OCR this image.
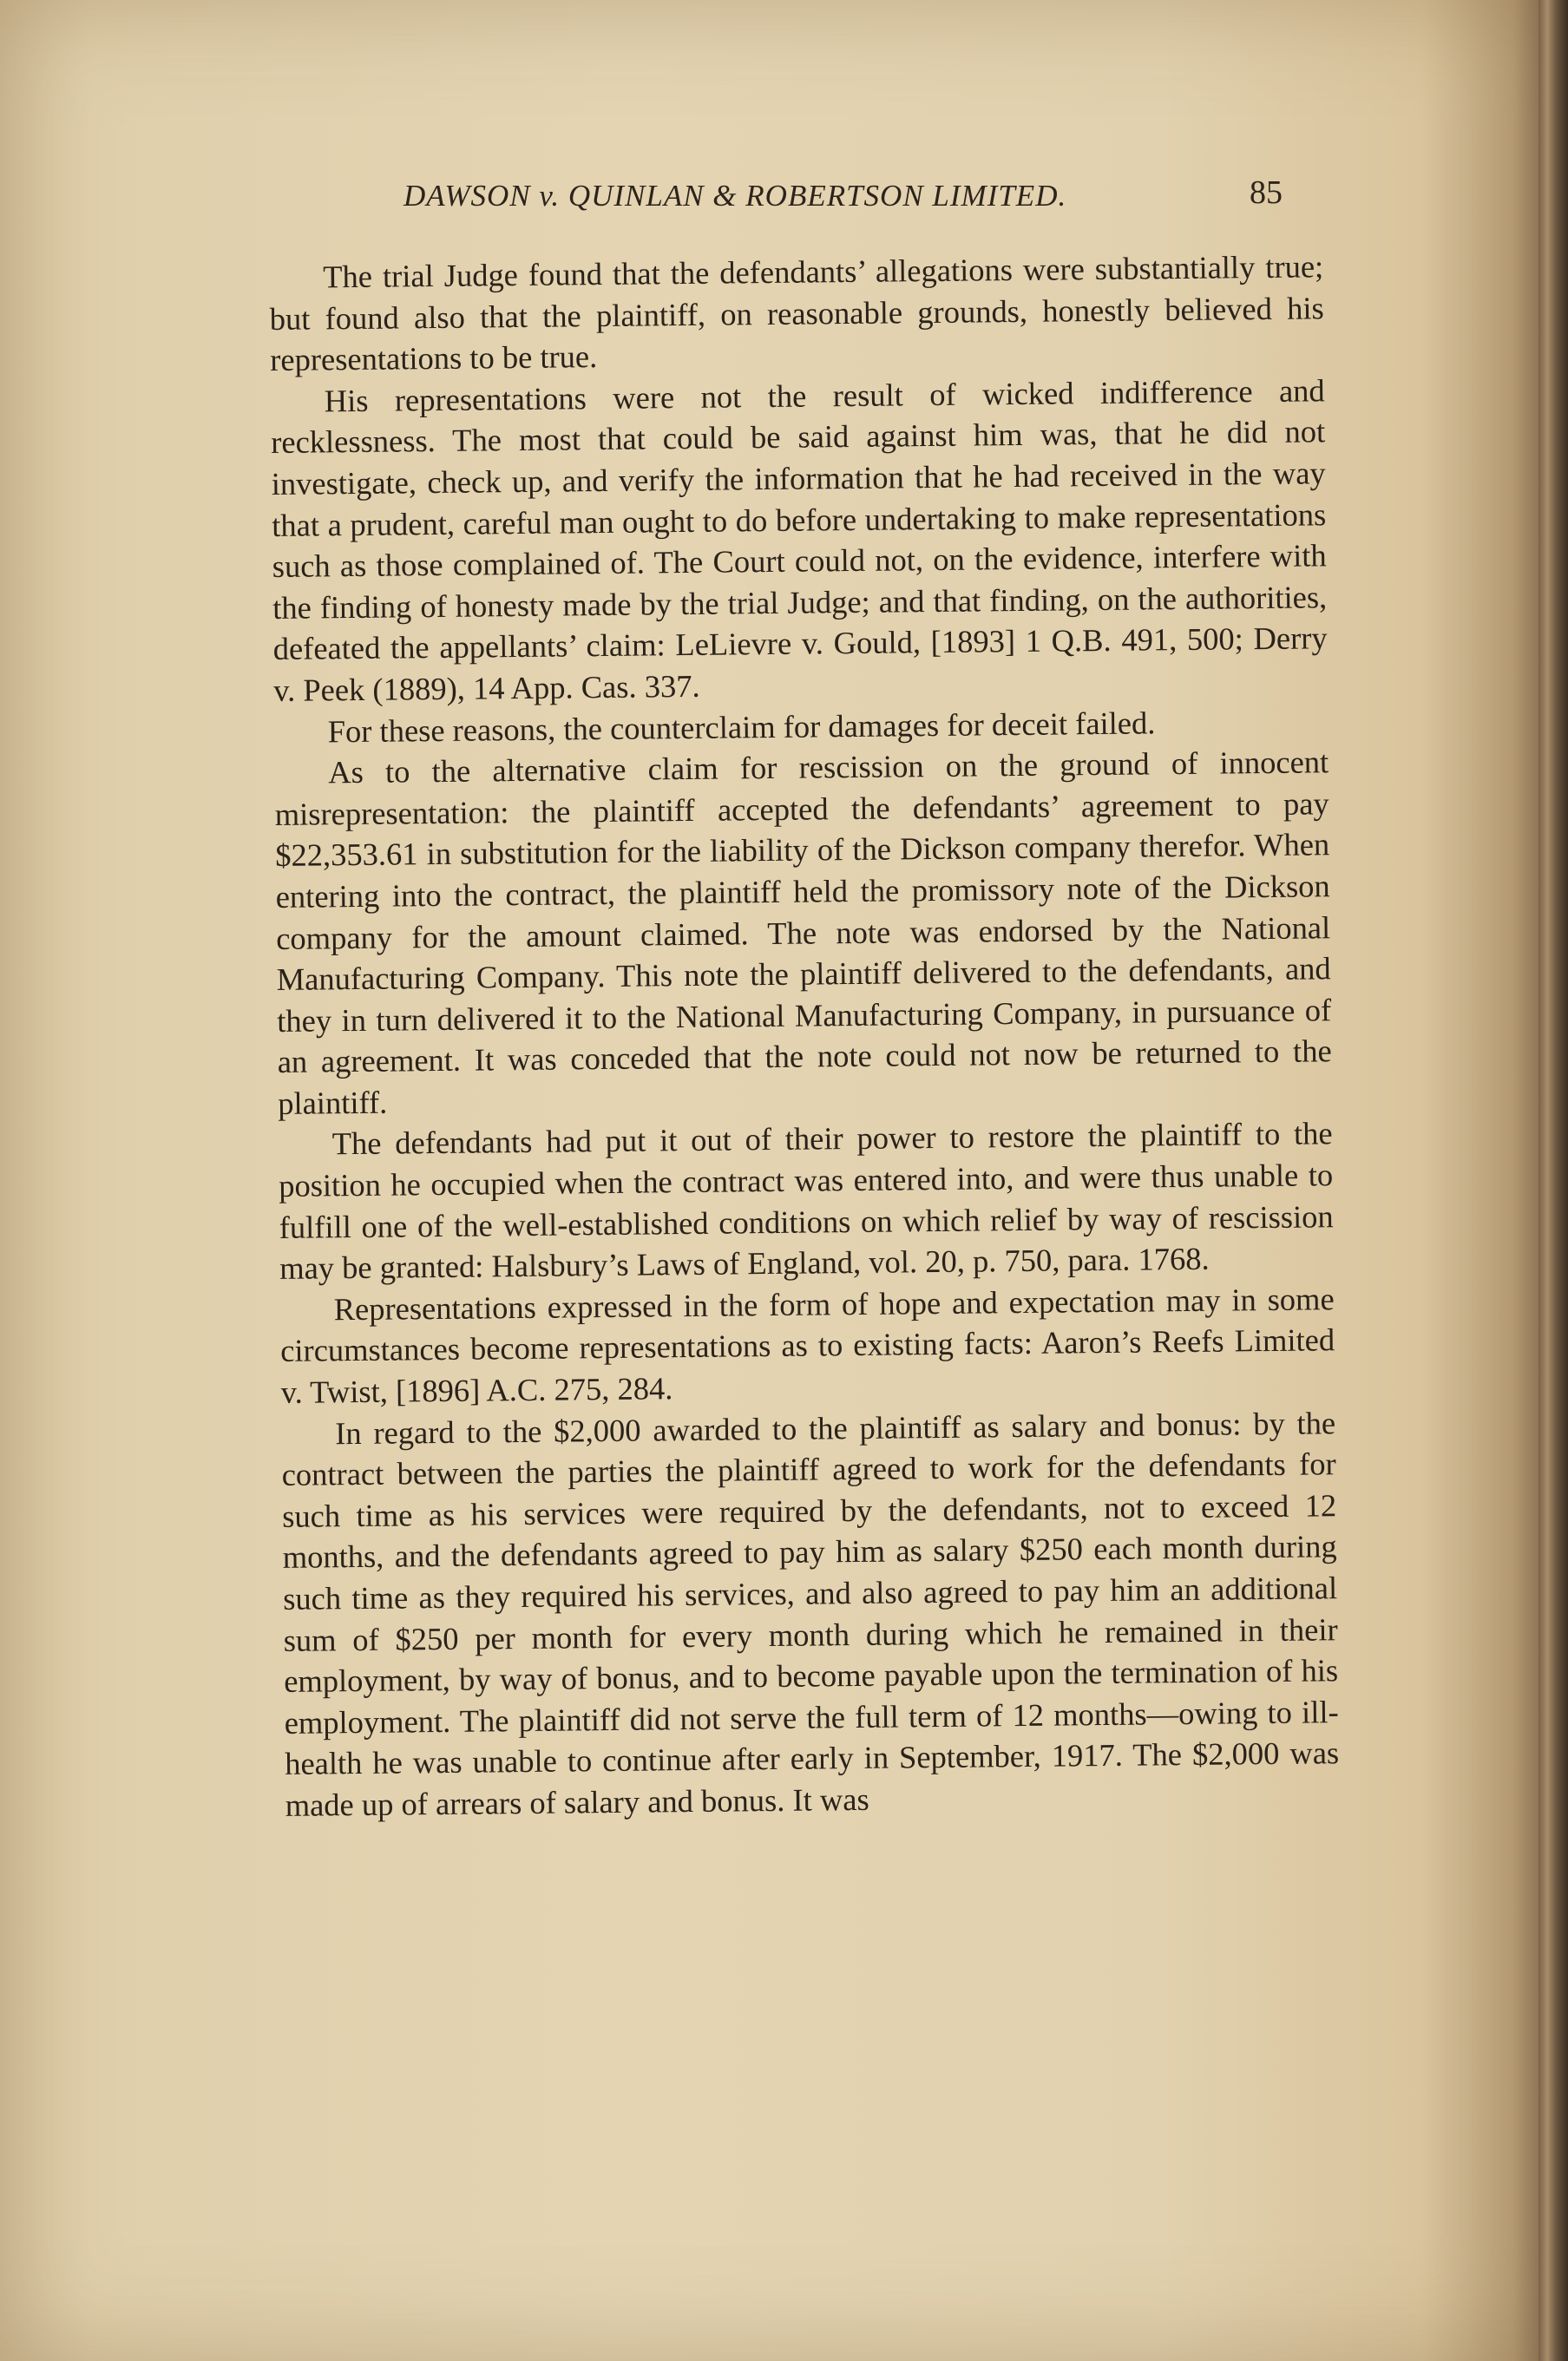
DAWSON v. QUINLAN & ROBERTSON LIMITED.	85

The trial Judge found that the defendants’ allegations were substantially true; but found also that the plaintiff, on reasonable grounds, honestly believed his representations to be true.

His representations were not the result of wicked indifference and recklessness. The most that could be said against him was, that he did not investigate, check up, and verify the information that he had received in the way that a prudent, careful man ought to do before undertaking to make representations such as those complained of. The Court could not, on the evidence, interfere with the finding of honesty made by the trial Judge; and that finding, on the authorities, defeated the appellants’ claim: LeLievre v. Gould, [1893] 1 Q.B. 491, 500; Derry v. Peek (1889), 14 App. Cas. 337.

For these reasons, the counterclaim for damages for deceit failed.

As to the alternative claim for rescission on the ground of innocent misrepresentation: the plaintiff accepted the defendants’ agreement to pay $22,353.61 in substitution for the liability of the Dickson company therefor. When entering into the contract, the plaintiff held the promissory note of the Dickson company for the amount claimed. The note was endorsed by the National Manufacturing Company. This note the plaintiff delivered to the defendants, and they in turn delivered it to the National Manufacturing Company, in pursuance of an agreement. It was conceded that the note could not now be returned to the plaintiff.

The defendants had put it out of their power to restore the plaintiff to the position he occupied when the contract was entered into, and were thus unable to fulfill one of the well-established conditions on which relief by way of rescission may be granted: Halsbury’s Laws of England, vol. 20, p. 750, para. 1768.

Representations expressed in the form of hope and expectation may in some circumstances become representations as to existing facts: Aaron’s Reefs Limited v. Twist, [1896] A.C. 275, 284.

In regard to the $2,000 awarded to the plaintiff as salary and bonus: by the contract between the parties the plaintiff agreed to work for the defendants for such time as his services were required by the defendants, not to exceed 12 months, and the defendants agreed to pay him as salary $250 each month during such time as they required his services, and also agreed to pay him an additional sum of $250 per month for every month during which he remained in their employment, by way of bonus, and to become payable upon the termination of his employment. The plaintiff did not serve the full term of 12 months—owing to ill-health he was unable to continue after early in September, 1917. The $2,000 was made up of arrears of salary and bonus. It was
